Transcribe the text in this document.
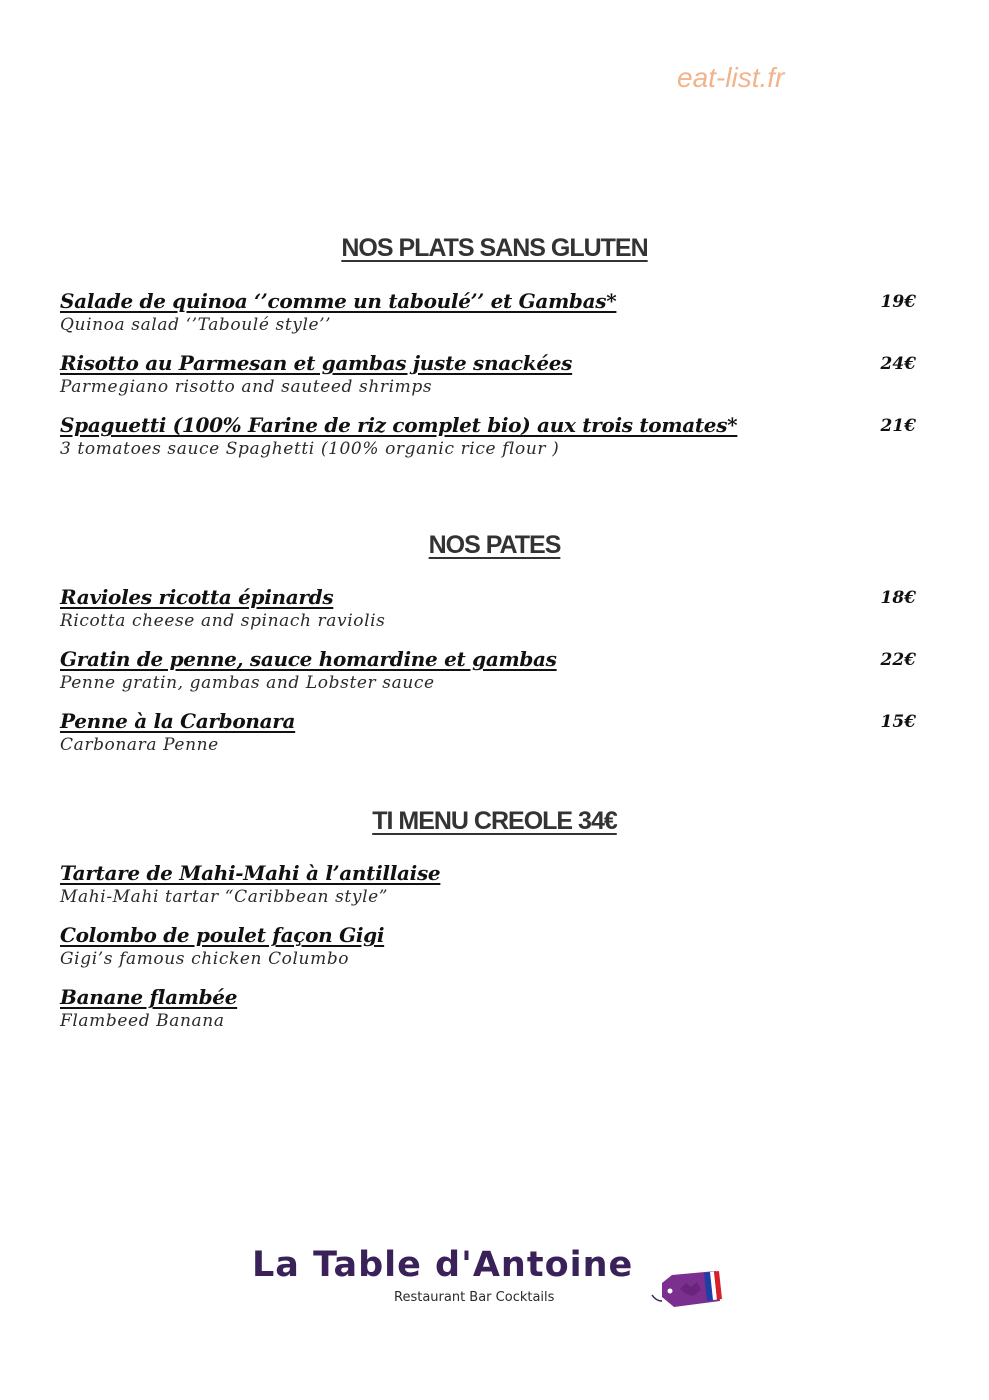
eat-list.fr
NOS PLATS SANS GLUTEN
Salade de quinoa ‘’comme un taboulé’’ et Gambas*	19€
Quinoa salad ‘’Taboulé style’’
Risotto au Parmesan et gambas juste snackées	24€
Parmegiano risotto and sauteed shrimps
Spaguetti (100% Farine de riz complet bio) aux trois tomates*	21€
3 tomatoes sauce Spaghetti (100% organic rice flour )
NOS PATES
Ravioles ricotta épinards	18€
Ricotta cheese and spinach raviolis
Gratin de penne, sauce homardine et gambas	22€
Penne gratin, gambas and Lobster sauce
Penne à la Carbonara	15€
Carbonara Penne
TI MENU CREOLE 34€
Tartare de Mahi-Mahi à l’antillaise
Mahi-Mahi tartar “Caribbean style”
Colombo de poulet façon Gigi
Gigi’s famous chicken Columbo
Banane flambée
Flambeed Banana
La Table d'Antoine
Restaurant Bar Cocktails
